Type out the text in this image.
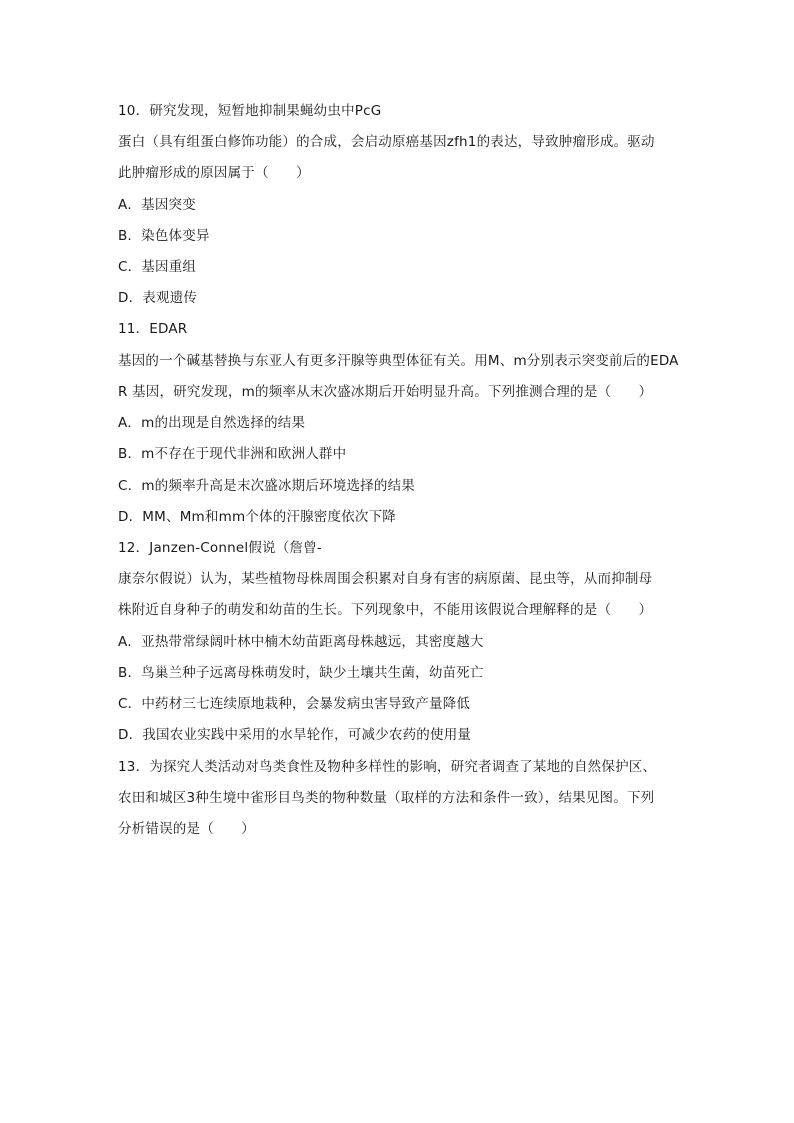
10．研究发现，短暂地抑制果蝇幼虫中PcG
蛋白（具有组蛋白修饰功能）的合成，会启动原癌基因zfh1的表达，导致肿瘤形成。驱动
此肿瘤形成的原因属于（　　）
A．基因突变
B．染色体变异
C．基因重组
D．表观遗传
11．EDAR
基因的一个碱基替换与东亚人有更多汗腺等典型体征有关。用M、m分别表示突变前后的EDA
R 基因，研究发现，m的频率从末次盛冰期后开始明显升高。下列推测合理的是（　　）
A．m的出现是自然选择的结果
B．m不存在于现代非洲和欧洲人群中
C．m的频率升高是末次盛冰期后环境选择的结果
D．MM、Mm和mm个体的汗腺密度依次下降
12．Janzen-Connel假说（詹曾-
康奈尔假说）认为，某些植物母株周围会积累对自身有害的病原菌、昆虫等，从而抑制母
株附近自身种子的萌发和幼苗的生长。下列现象中，不能用该假说合理解释的是（　　）
A．亚热带常绿阔叶林中楠木幼苗距离母株越远，其密度越大
B．鸟巢兰种子远离母株萌发时，缺少土壤共生菌，幼苗死亡
C．中药材三七连续原地栽种，会暴发病虫害导致产量降低
D．我国农业实践中采用的水旱轮作，可减少农药的使用量
13．为探究人类活动对鸟类食性及物种多样性的影响，研究者调查了某地的自然保护区、
农田和城区3种生境中雀形目鸟类的物种数量（取样的方法和条件一致），结果见图。下列
分析错误的是（　　）
